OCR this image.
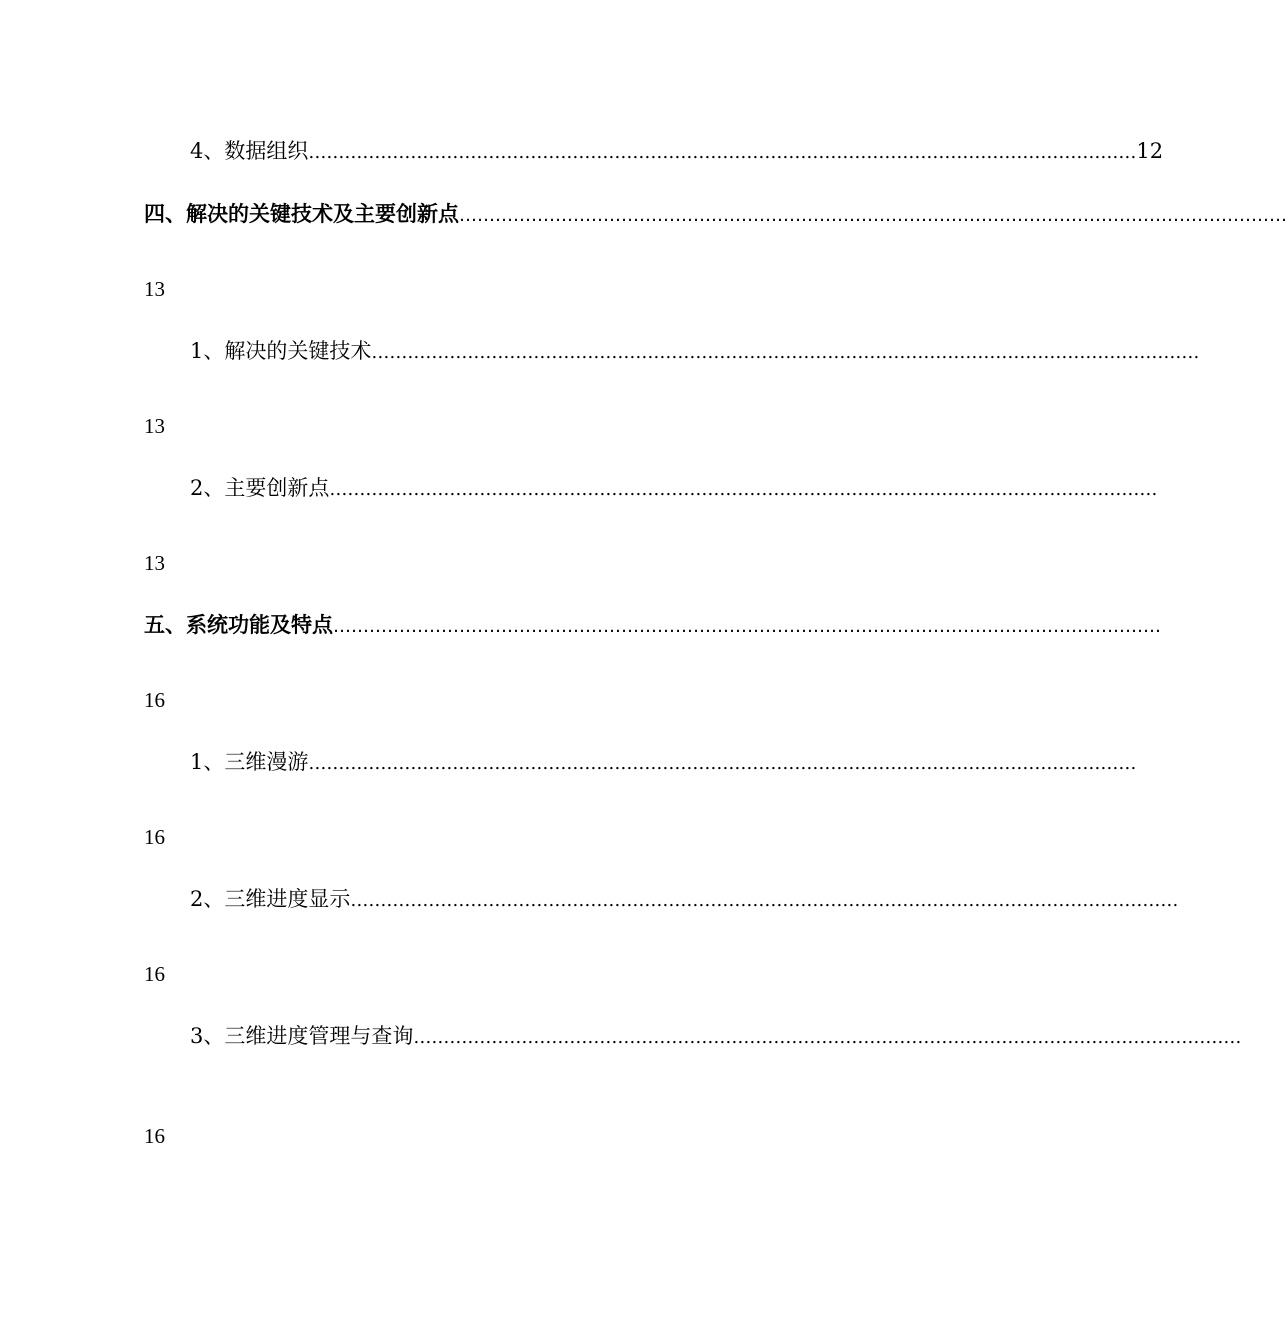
4、数据组织 ………………………………………………………………………………………………………………………… 12
四、解决的关键技术及主要创新点 …………………………………………………………………………………………………………………………
13
1、解决的关键技术 …………………………………………………………………………………………………………………………
13
2、主要创新点 …………………………………………………………………………………………………………………………
13
五、系统功能及特点 …………………………………………………………………………………………………………………………
16
1、三维漫游 …………………………………………………………………………………………………………………………
16
2、三维进度显示 …………………………………………………………………………………………………………………………
16
3、三维进度管理与查询 …………………………………………………………………………………………………………………………
16
